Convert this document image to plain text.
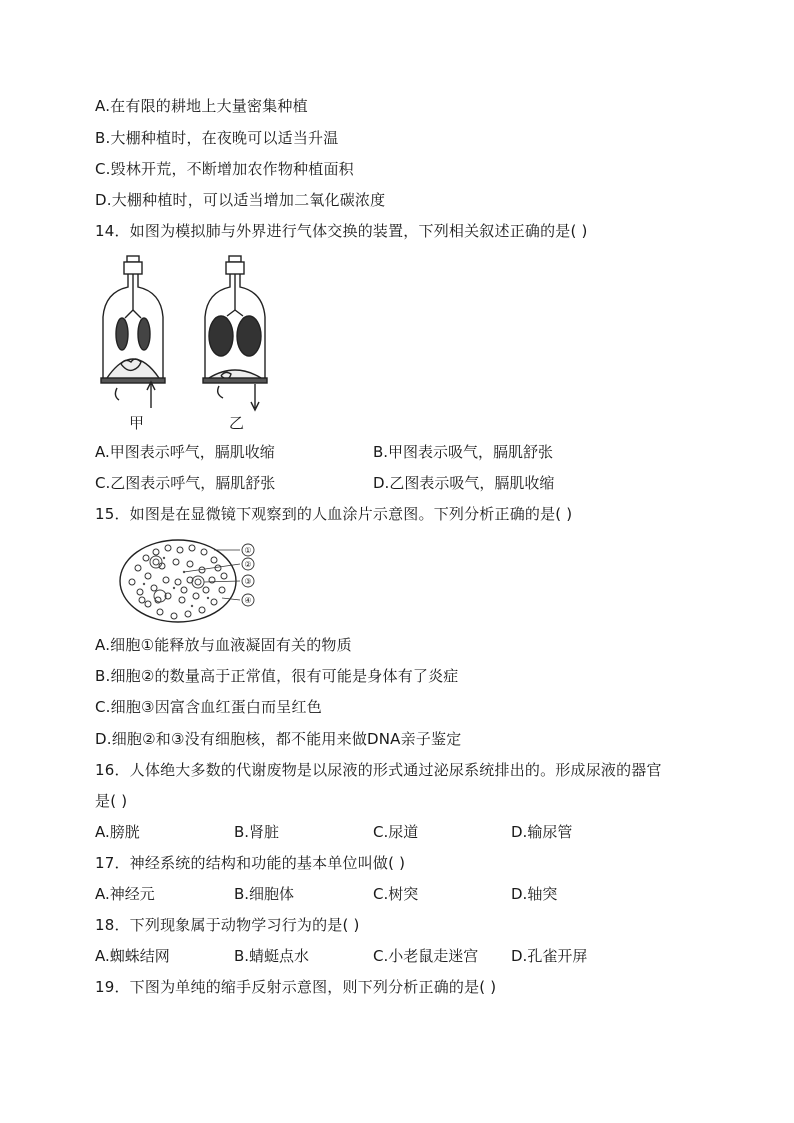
A.在有限的耕地上大量密集种植
B.大棚种植时，在夜晚可以适当升温
C.毁林开荒，不断增加农作物种植面积
D.大棚种植时，可以适当增加二氧化碳浓度
14．如图为模拟肺与外界进行气体交换的装置，下列相关叙述正确的是( )
甲	乙
A.甲图表示呼气，膈肌收缩	B.甲图表示吸气，膈肌舒张
C.乙图表示呼气，膈肌舒张	D.乙图表示吸气，膈肌收缩
15．如图是在显微镜下观察到的人血涂片示意图。下列分析正确的是( )
①
②
③
④
A.细胞①能释放与血液凝固有关的物质
B.细胞②的数量高于正常值，很有可能是身体有了炎症
C.细胞③因富含血红蛋白而呈红色
D.细胞②和③没有细胞核，都不能用来做DNA亲子鉴定
16．人体绝大多数的代谢废物是以尿液的形式通过泌尿系统排出的。形成尿液的器官
是( )
A.膀胱	B.肾脏	C.尿道	D.输尿管
17．神经系统的结构和功能的基本单位叫做( )
A.神经元	B.细胞体	C.树突	D.轴突
18．下列现象属于动物学习行为的是( )
A.蜘蛛结网	B.蜻蜓点水	C.小老鼠走迷宫 D.孔雀开屏
19．下图为单纯的缩手反射示意图，则下列分析正确的是( )
